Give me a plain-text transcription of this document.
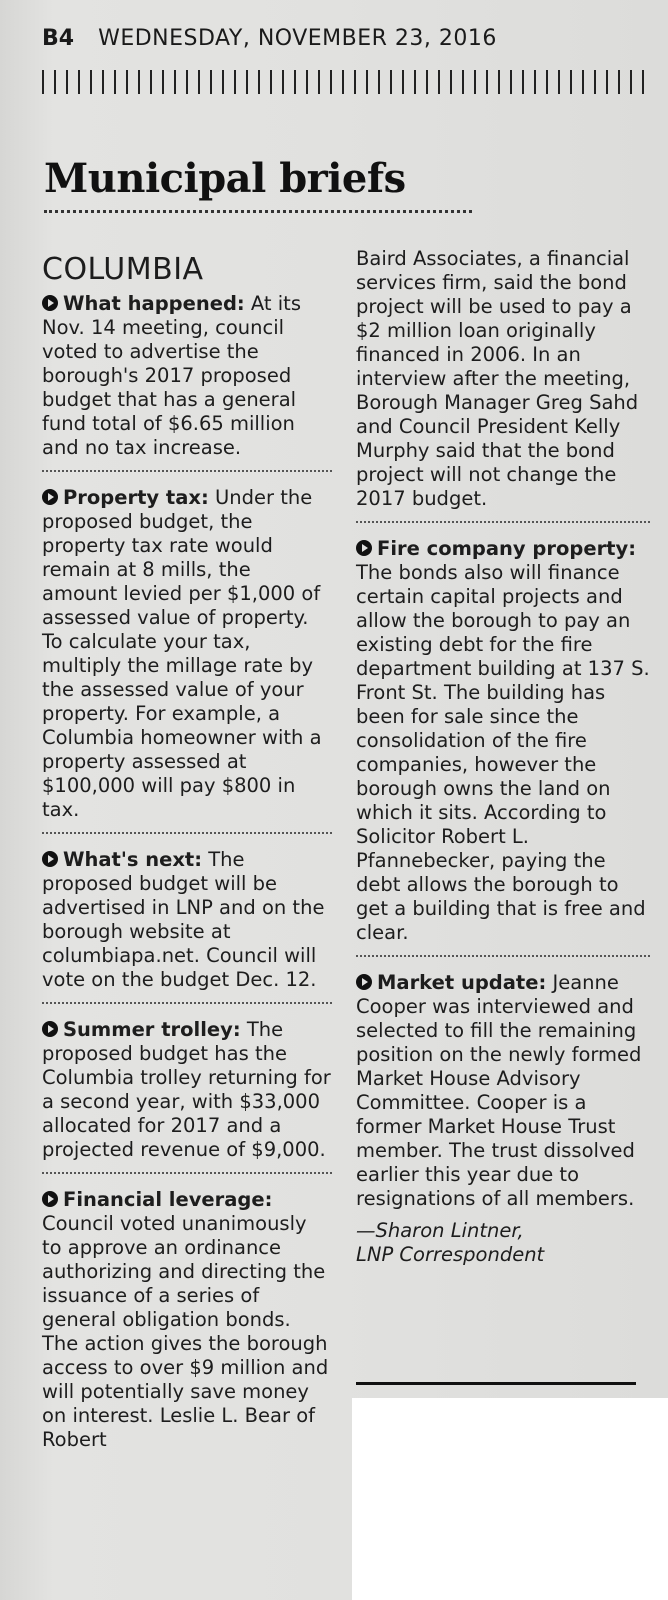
B4 WEDNESDAY, NOVEMBER 23, 2016
Municipal briefs
COLUMBIA

What happened: At its Nov. 14 meeting, council voted to advertise the borough's 2017 proposed budget that has a general fund total of $6.65 million and no tax increase.

Property tax: Under the proposed budget, the property tax rate would remain at 8 mills, the amount levied per $1,000 of assessed value of property. To calculate your tax, multiply the millage rate by the assessed value of your property. For example, a Columbia homeowner with a property assessed at $100,000 will pay $800 in tax.

What's next: The proposed budget will be advertised in LNP and on the borough website at columbiapa.net. Council will vote on the budget Dec. 12.

Summer trolley: The proposed budget has the Columbia trolley returning for a second year, with $33,000 allocated for 2017 and a projected revenue of $9,000.

Financial leverage: Council voted unanimously to approve an ordinance authorizing and directing the issuance of a series of general obligation bonds. The action gives the borough access to over $9 million and will potentially save money on interest. Leslie L. Bear of Robert

Baird Associates, a financial services firm, said the bond project will be used to pay a $2 million loan originally financed in 2006. In an interview after the meeting, Borough Manager Greg Sahd and Council President Kelly Murphy said that the bond project will not change the 2017 budget.

Fire company property: The bonds also will finance certain capital projects and allow the borough to pay an existing debt for the fire department building at 137 S. Front St. The building has been for sale since the consolidation of the fire companies, however the borough owns the land on which it sits. According to Solicitor Robert L. Pfannebecker, paying the debt allows the borough to get a building that is free and clear.

Market update: Jeanne Cooper was interviewed and selected to fill the remaining position on the newly formed Market House Advisory Committee. Cooper is a former Market House Trust member. The trust dissolved earlier this year due to resignations of all members.

—Sharon Lintner,
LNP Correspondent
